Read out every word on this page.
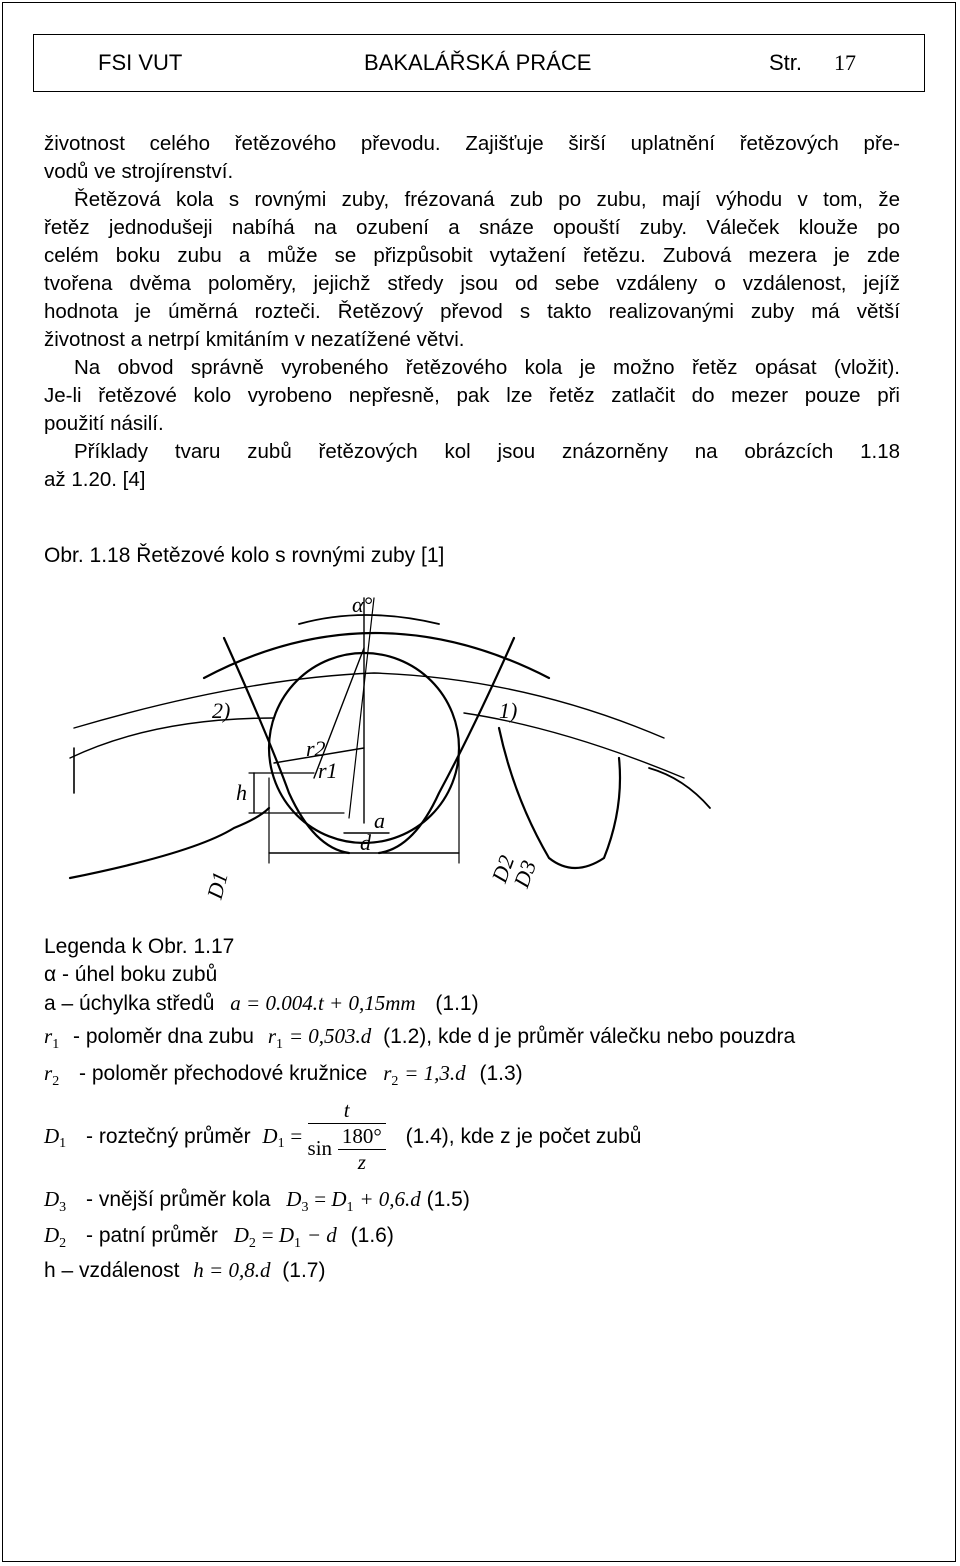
FSI VUT	BAKALÁŘSKÁ PRÁCE	Str. 17
životnost celého řetězového převodu. Zajišťuje širší uplatnění řetězových pře-
vodů ve strojírenství.
Řetězová kola s rovnými zuby, frézovaná zub po zubu, mají výhodu v tom, že
řetěz jednodušeji nabíhá na ozubení a snáze opouští zuby. Váleček klouže po
celém boku zubu a může se přizpůsobit vytažení řetězu. Zubová mezera je zde
tvořena dvěma poloměry, jejichž středy jsou od sebe vzdáleny o vzdálenost, jejíž
hodnota je úměrná rozteči. Řetězový převod s takto realizovanými zuby má větší
životnost a netrpí kmitáním v nezatížené větvi.
Na obvod správně vyrobeného řetězového kola je možno řetěz opásat (vložit).
Je-li řetězové kolo vyrobeno nepřesně, pak lze řetěz zatlačit do mezer pouze při
použití násilí.
Příklady tvaru zubů řetězových kol jsou znázorněny na obrázcích 1.18
až 1.20. [4]
Obr. 1.18 Řetězové kolo s rovnými zuby [1]
α°
r2
r1
h
a
d
D1	D2
D3
2)	1)
Legenda k Obr. 1.17
α - úhel boku zubů
a – úchylka středů a = 0.004.t + 0,15mm (1.1)
$r_1$ - poloměr dna zubu $r_1 = 0,503.d$ (1.2), kde d je průměr válečku nebo pouzdra
$r_2$ - poloměr přechodové kružnice $r_2 = 1,3.d$ (1.3)
$D_1$ - roztečný průměr $D_1 = \frac{t}{\sin \frac{180^\circ}{z}} (1.4)$, kde z je počet zubů
$D_3$ - vnější průměr kola $D_3 = D_1 + 0,6.d$ (1.5)
$D_2$ - patní průměr $D_2 = D_1 - d$ (1.6)
h – vzdálenost h = 0,8.d (1.7)
